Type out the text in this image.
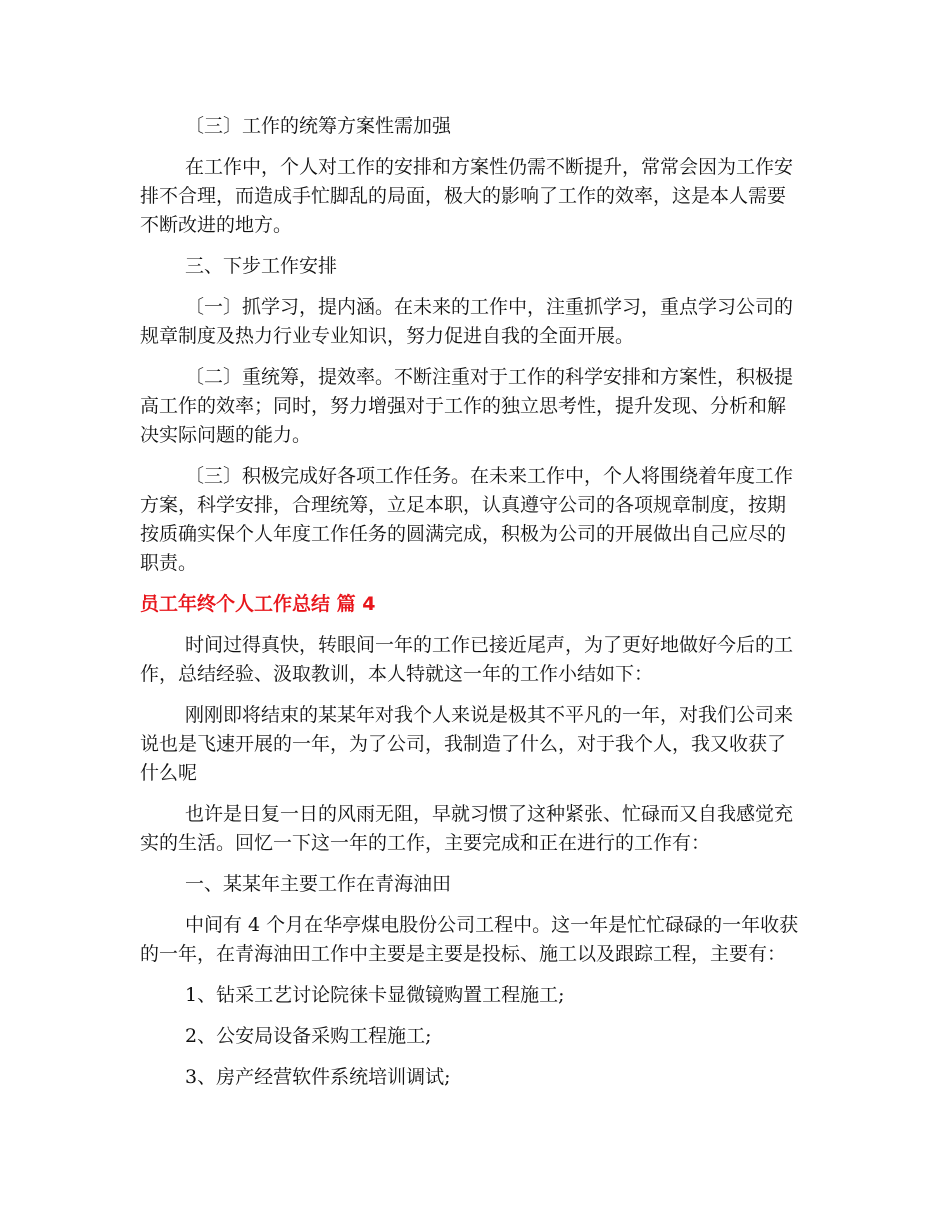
〔三〕工作的统筹方案性需加强

在工作中，个人对工作的安排和方案性仍需不断提升，常常会因为工作安排不合理，而造成手忙脚乱的局面，极大的影响了工作的效率，这是本人需要不断改进的地方。

三、下步工作安排

〔一〕抓学习，提内涵。在未来的工作中，注重抓学习，重点学习公司的规章制度及热力行业专业知识，努力促进自我的全面开展。

〔二〕重统筹，提效率。不断注重对于工作的科学安排和方案性，积极提高工作的效率；同时，努力增强对于工作的独立思考性，提升发现、分析和解决实际问题的能力。

〔三〕积极完成好各项工作任务。在未来工作中，个人将围绕着年度工作方案，科学安排，合理统筹，立足本职，认真遵守公司的各项规章制度，按期按质确实保个人年度工作任务的圆满完成，积极为公司的开展做出自己应尽的职责。

员工年终个人工作总结 篇 4

时间过得真快，转眼间一年的工作已接近尾声，为了更好地做好今后的工作，总结经验、汲取教训，本人特就这一年的工作小结如下：

刚刚即将结束的某某年对我个人来说是极其不平凡的一年，对我们公司来说也是飞速开展的一年，为了公司，我制造了什么，对于我个人，我又收获了什么呢

也许是日复一日的风雨无阻，早就习惯了这种紧张、忙碌而又自我感觉充实的生活。回忆一下这一年的工作，主要完成和正在进行的工作有：

一、某某年主要工作在青海油田

中间有 4 个月在华亭煤电股份公司工程中。这一年是忙忙碌碌的一年收获的一年，在青海油田工作中主要是主要是投标、施工以及跟踪工程，主要有：

1、钻采工艺讨论院徕卡显微镜购置工程施工;

2、公安局设备采购工程施工;

3、房产经营软件系统培训调试;
